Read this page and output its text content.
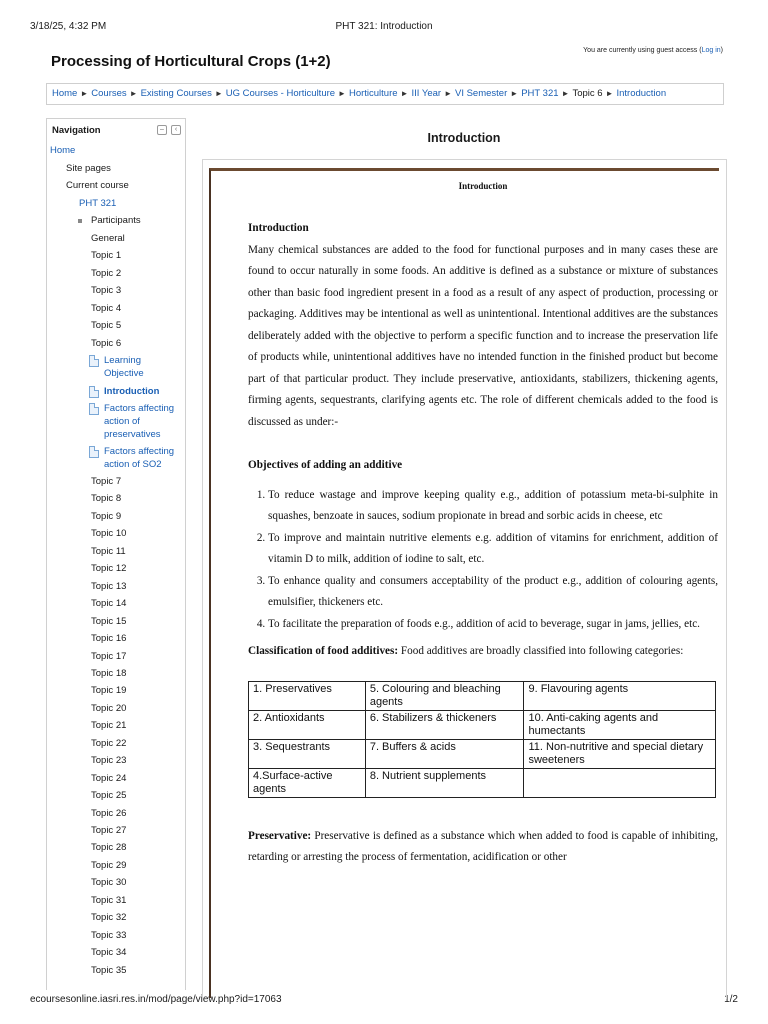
3/18/25, 4:32 PM	PHT 321: Introduction
ecoursesonline.iasri.res.in/mod/page/view.php?id=17063	1/2
Processing of Horticultural Crops (1+2)
You are currently using guest access (Log in)
Home ► Courses ► Existing Courses ► UG Courses - Horticulture ► Horticulture ► III Year ► VI Semester ► PHT 321 ► Topic 6 ► Introduction
Navigation	–	‹
Home
Site pages
Current course
PHT 321
Participants
General
Topic 1
Topic 2
Topic 3
Topic 4
Topic 5
Topic 6
Learning
Objective
Introduction
Factors affecting
action of
preservatives
Factors affecting
action of SO2
Topic 7
Topic 8
Topic 9
Topic 10
Topic 11
Topic 12
Topic 13
Topic 14
Topic 15
Topic 16
Topic 17
Topic 18
Topic 19
Topic 20
Topic 21
Topic 22
Topic 23
Topic 24
Topic 25
Topic 26
Topic 27
Topic 28
Topic 29
Topic 30
Topic 31
Topic 32
Topic 33
Topic 34
Topic 35
Introduction
Introduction
Introduction
Many chemical substances are added to the food for functional purposes and in many cases these are found to occur naturally in some foods. An additive is defined as a substance or mixture of substances other than basic food ingredient present in a food as a result of any aspect of production, processing or packaging. Additives may be intentional as well as unintentional. Intentional additives are the substances deliberately added with the objective to perform a specific function and to increase the preservation life of products while, unintentional additives have no intended function in the finished product but become part of that particular product. They include preservative, antioxidants, stabilizers, thickening agents, firming agents, sequestrants, clarifying agents etc. The role of different chemicals added to the food is discussed as under:-
Objectives of adding an additive
1. To reduce wastage and improve keeping quality e.g., addition of potassium meta-bi-sulphite in squashes, benzoate in sauces, sodium propionate in bread and sorbic acids in cheese, etc
2. To improve and maintain nutritive elements e.g. addition of vitamins for enrichment, addition of vitamin D to milk, addition of iodine to salt, etc.
3. To enhance quality and consumers acceptability of the product e.g., addition of colouring agents, emulsifier, thickeners etc.
4. To facilitate the preparation of foods e.g., addition of acid to beverage, sugar in jams, jellies, etc.
Classification of food additives: Food additives are broadly classified into following categories:
1. Preservatives	5. Colouring and bleaching agents	9. Flavouring agents
2. Antioxidants	6. Stabilizers & thickeners	10. Anti-caking agents and humectants
3. Sequestrants	7. Buffers & acids	11. Non-nutritive and special dietary sweeteners
4.Surface-active agents	8. Nutrient supplements	
Preservative: Preservative is defined as a substance which when added to food is capable of inhibiting, retarding or arresting the process of fermentation, acidification or other
